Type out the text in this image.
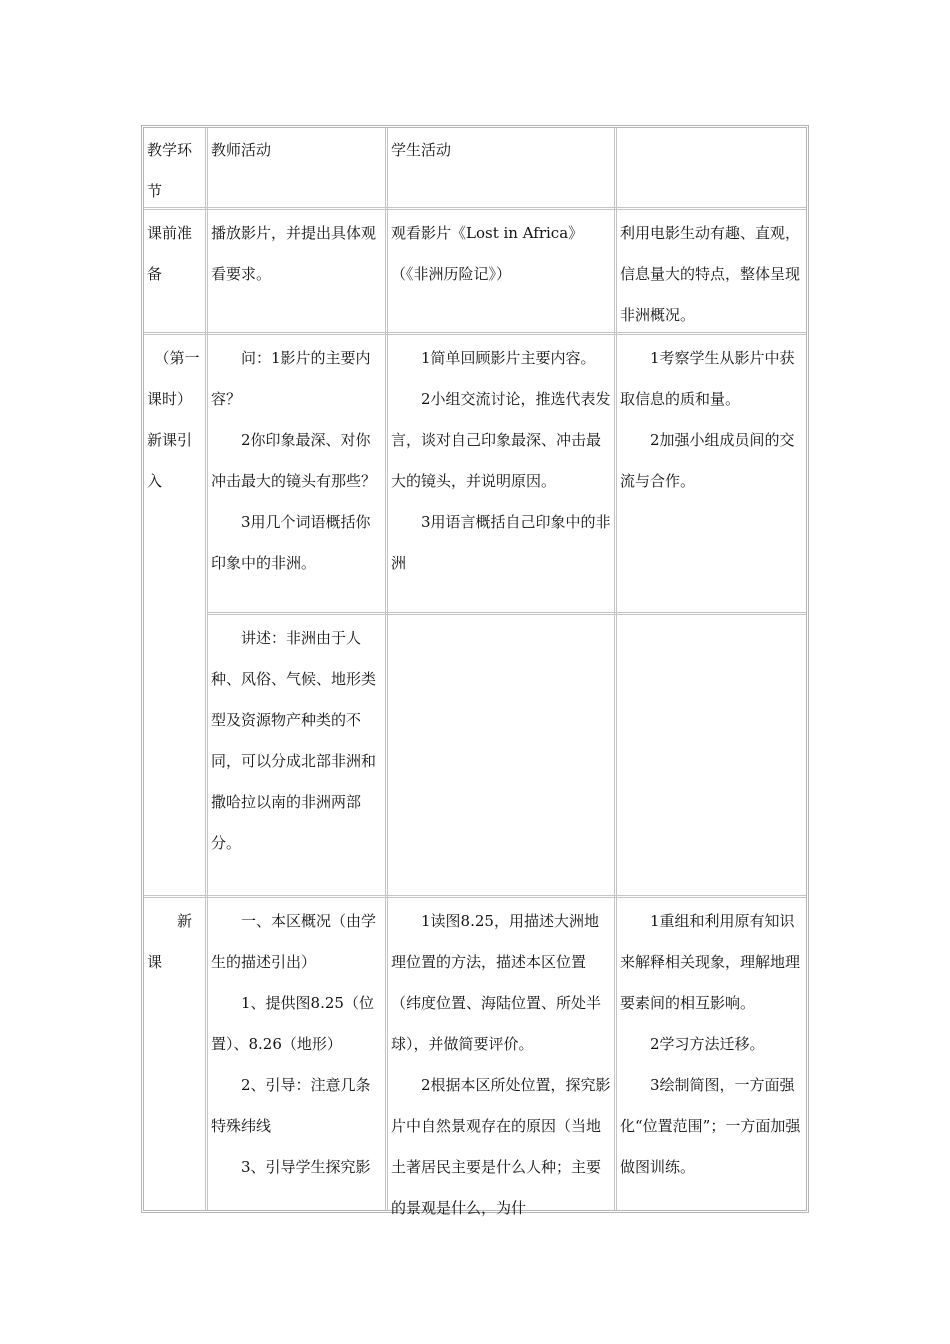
教学环节

教师活动	学生活动

课前准备

播放影片，并提出具体观看要求。

观看影片《Lost in Africa》（《非洲历险记》）

利用电影生动有趣、直观，信息量大的特点，整体呈现非洲概况。

（第一课时）新课引入

问：1影片的主要内容？

2你印象最深、对你冲击最大的镜头有那些？

3用几个词语概括你印象中的非洲。

1简单回顾影片主要内容。

2小组交流讨论，推选代表发言，谈对自己印象最深、冲击最大的镜头，并说明原因。

3用语言概括自己印象中的非洲

1考察学生从影片中获取信息的质和量。

2加强小组成员间的交流与合作。

讲述：非洲由于人种、风俗、气候、地形类型及资源物产种类的不同，可以分成北部非洲和撒哈拉以南的非洲两部分。

新课

一、本区概况（由学生的描述引出）

1、提供图8.25（位置）、8.26（地形）

2、引导：注意几条特殊纬线

3、引导学生探究影

1读图8.25，用描述大洲地理位置的方法，描述本区位置（纬度位置、海陆位置、所处半球），并做简要评价。

2根据本区所处位置，探究影片中自然景观存在的原因（当地土著居民主要是什么人种；主要的景观是什么，为什

1重组和利用原有知识来解释相关现象，理解地理要素间的相互影响。

2学习方法迁移。

3绘制简图，一方面强化“位置范围”；一方面加强做图训练。
